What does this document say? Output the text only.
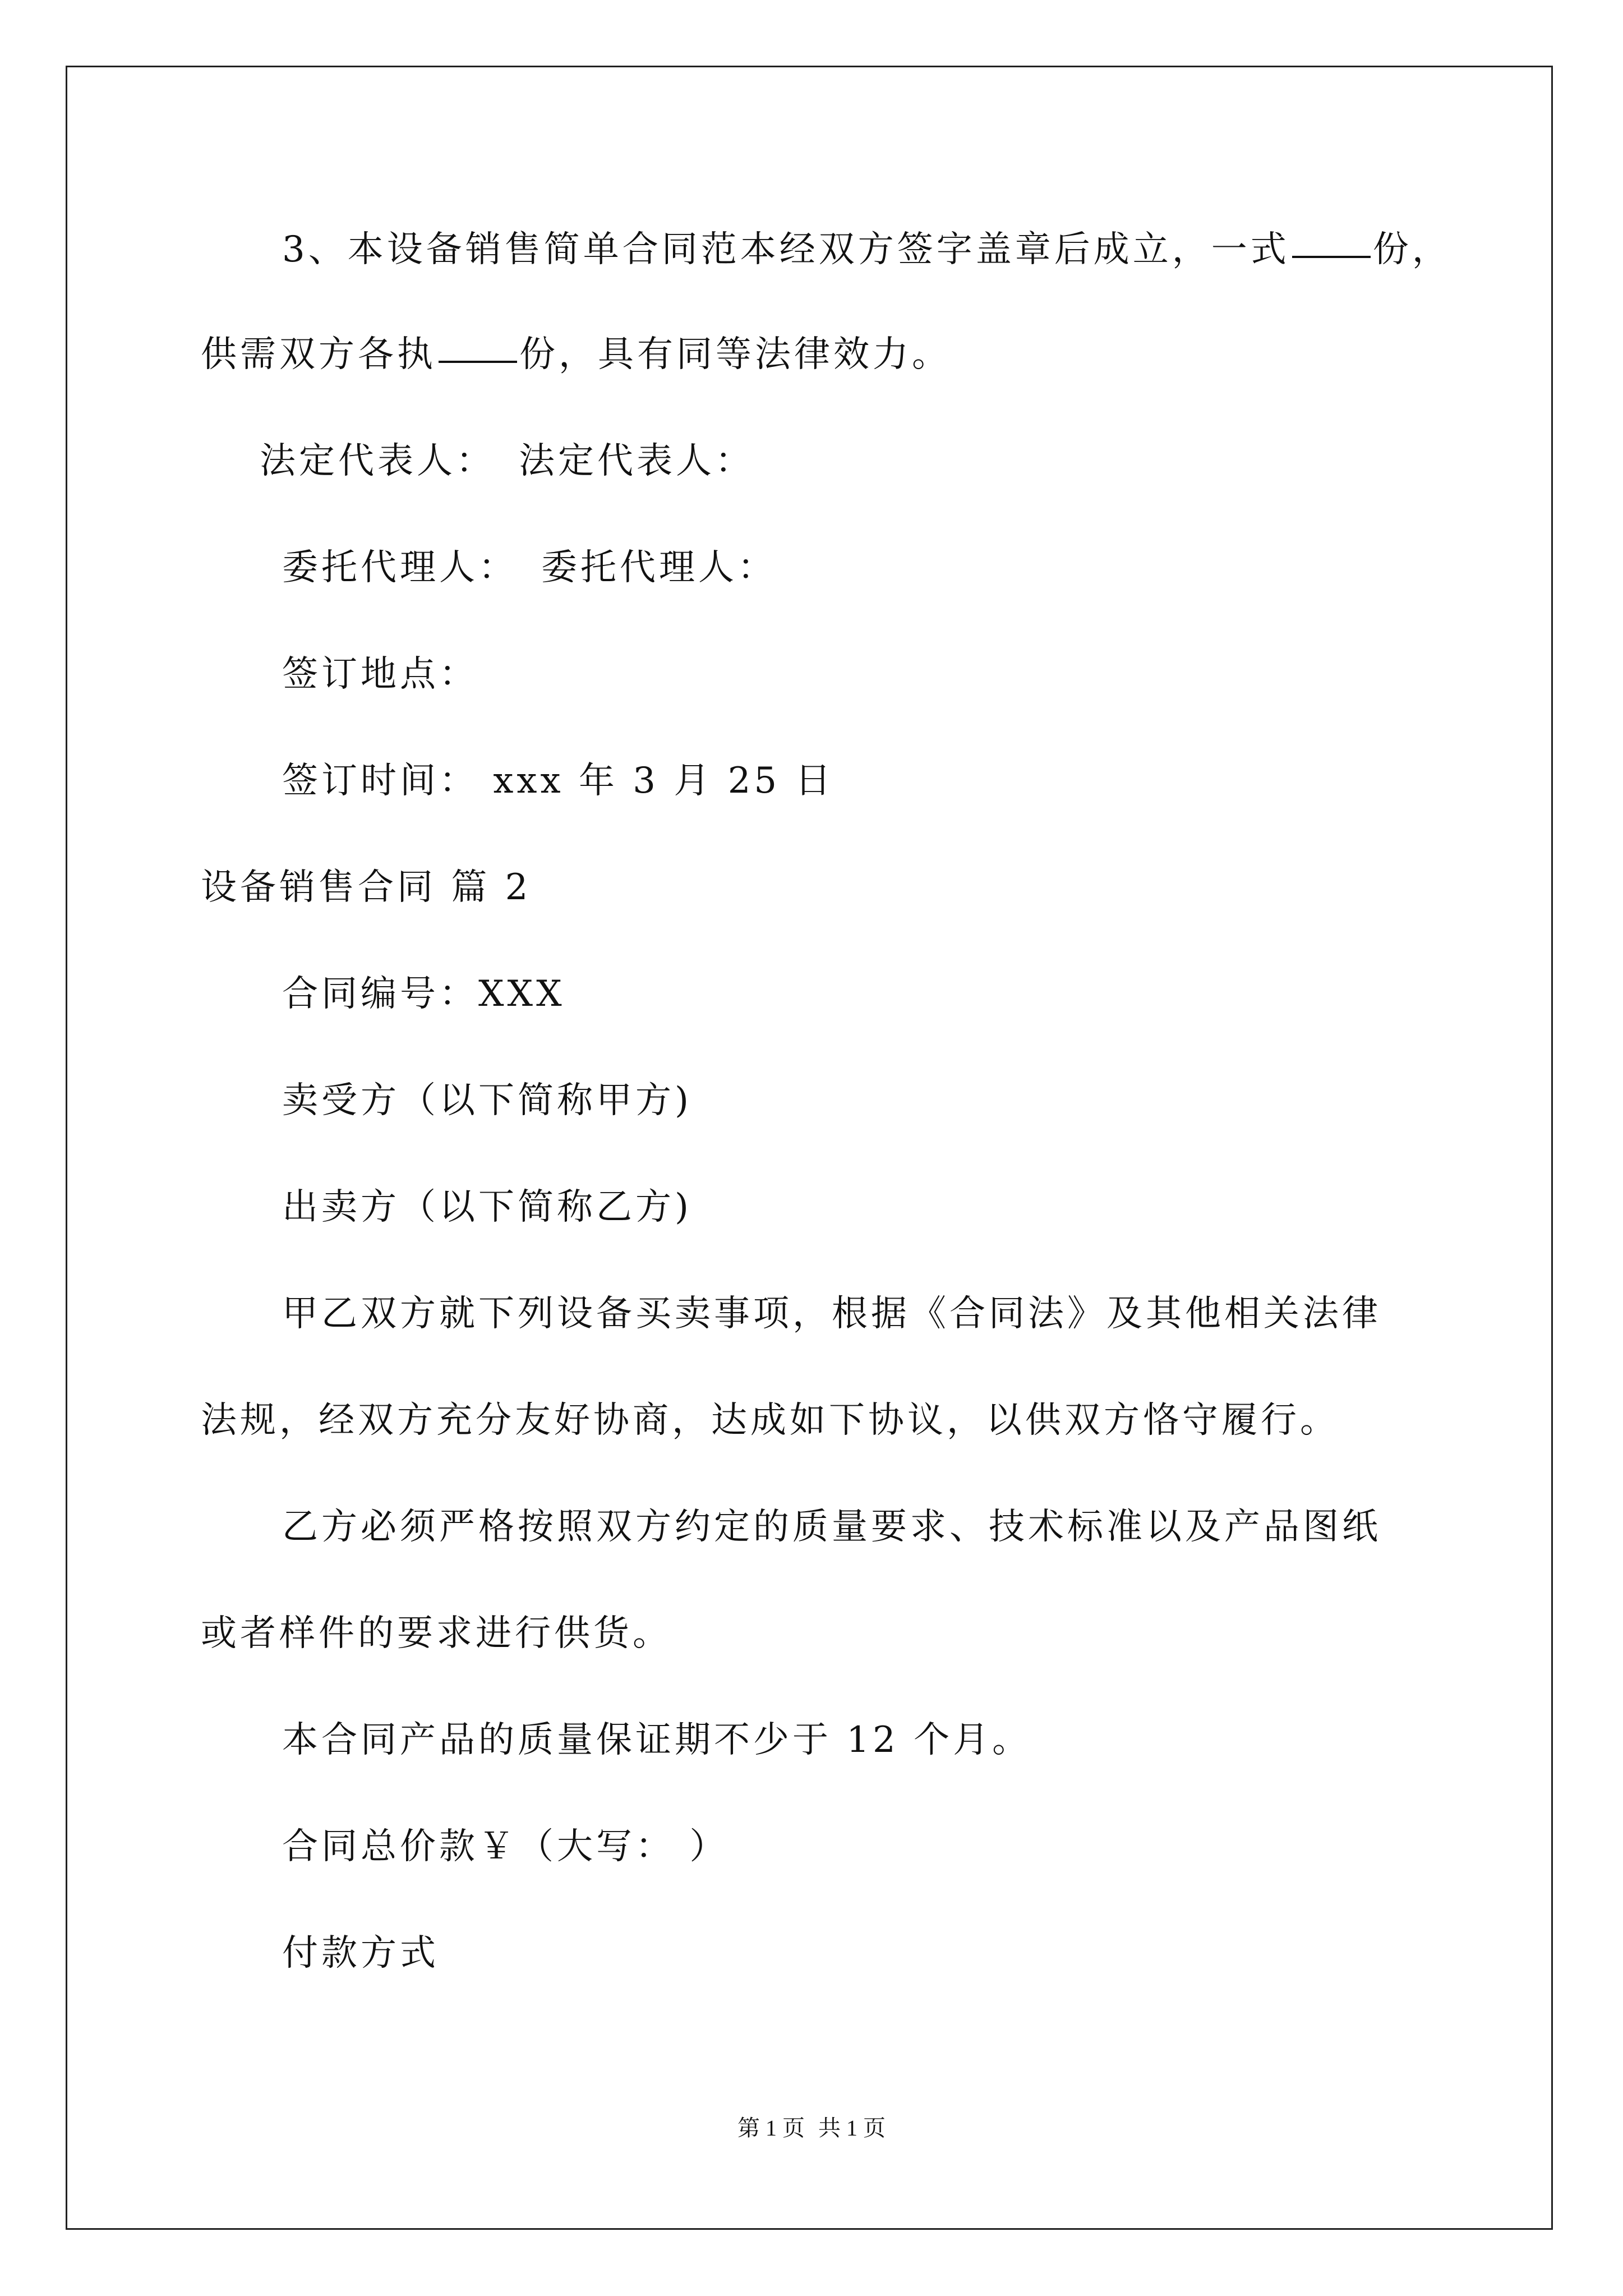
3、本设备销售简单合同范本经双方签字盖章后成立，一式 份，
供需双方各执 份，具有同等法律效力。
法定代表人： 法定代表人：
委托代理人： 委托代理人：
签订地点：
签订时间： xxx 年 3 月 25 日
设备销售合同 篇 2
合同编号：XXX
卖受方（以下简称甲方)
出卖方（以下简称乙方)
甲乙双方就下列设备买卖事项，根据《合同法》及其他相关法律
法规，经双方充分友好协商，达成如下协议，以供双方恪守履行。
乙方必须严格按照双方约定的质量要求、技术标准以及产品图纸
或者样件的要求进行供货。
本合同产品的质量保证期不少于 12 个月。
合同总价款￥（大写： ）
付款方式
第 1 页 共 1 页
